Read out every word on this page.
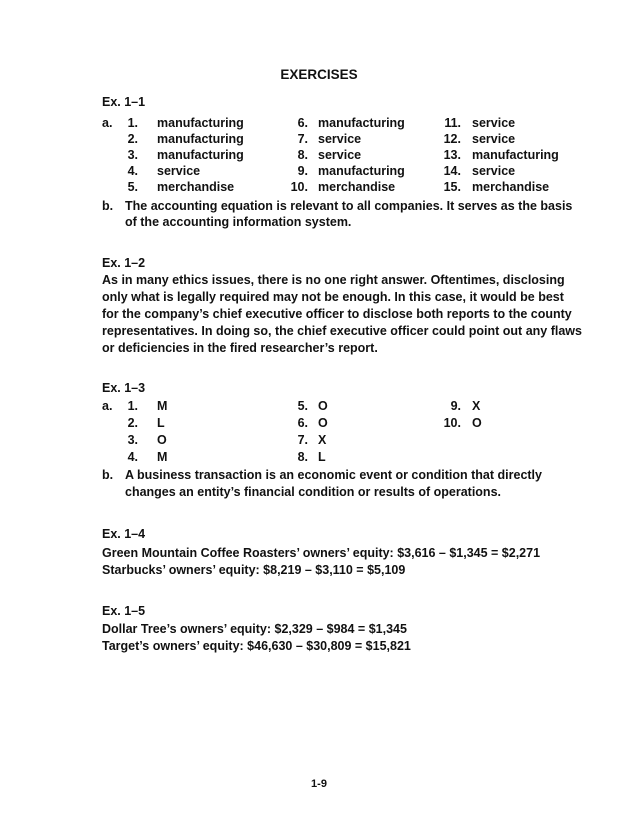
EXERCISES
Ex. 1–1
a.	1. manufacturing
2. manufacturing
3. manufacturing
4. service
5. merchandise
6. manufacturing
7. service
8. service
9. manufacturing
10. merchandise
11. service
12. service
13. manufacturing
14. service
15. merchandise
b. The accounting equation is relevant to all companies. It serves as the basis
of the accounting information system.
Ex. 1–2
As in many ethics issues, there is no one right answer. Oftentimes, disclosing
only what is legally required may not be enough. In this case, it would be best
for the company’s chief executive officer to disclose both reports to the county
representatives. In doing so, the chief executive officer could point out any flaws
or deficiencies in the fired researcher’s report.
Ex. 1–3
a.	1. M
2. L
3. O
4. M
5. O
6. O
7. X
8. L
9. X
10. O
b. A business transaction is an economic event or condition that directly
changes an entity’s financial condition or results of operations.
Ex. 1–4
Green Mountain Coffee Roasters’ owners’ equity: $3,616 – $1,345 = $2,271
Starbucks’ owners’ equity: $8,219 – $3,110 = $5,109
Ex. 1–5
Dollar Tree’s owners’ equity: $2,329 – $984 = $1,345
Target’s owners’ equity: $46,630 – $30,809 = $15,821
1-9
